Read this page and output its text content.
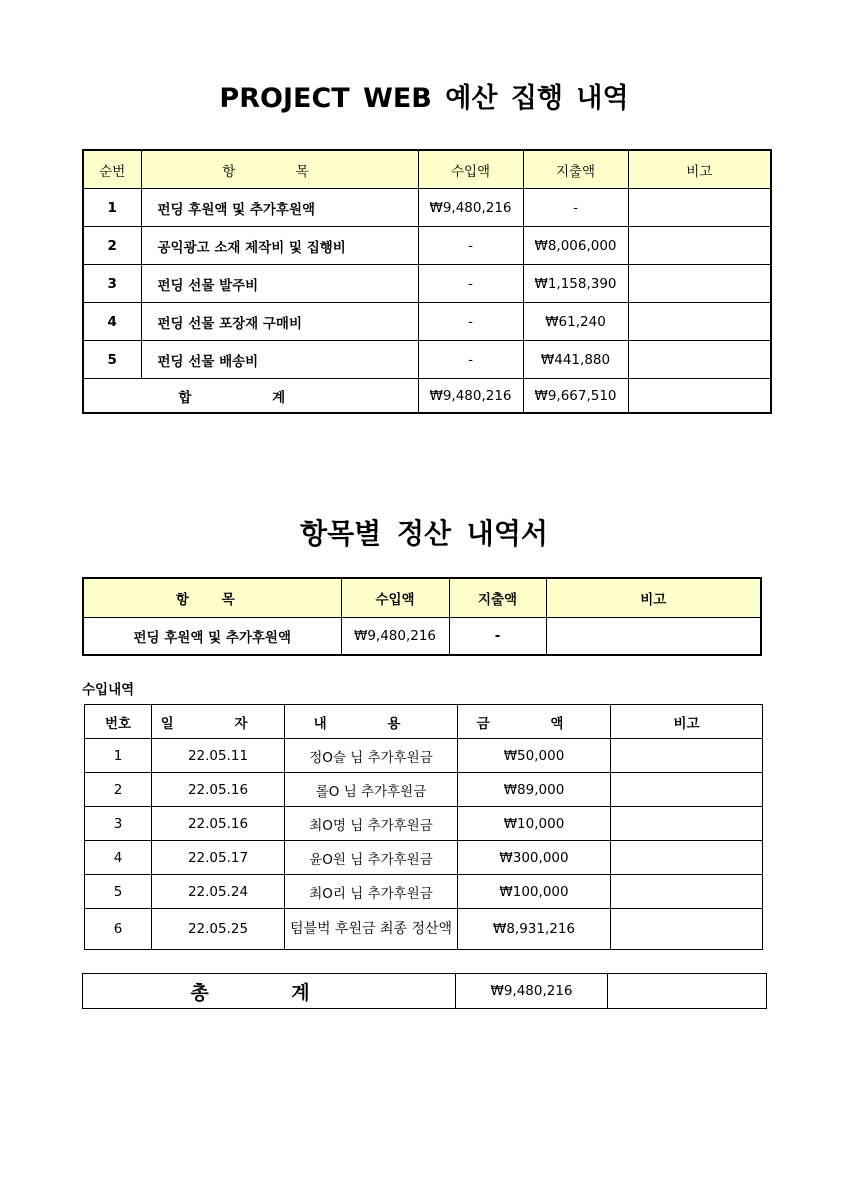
PROJECT WEB 예산 집행 내역
순번	항 목	수입액	지출액	비고
1	펀딩 후원액 및 추가후원액	₩9,480,216	-	
2	공익광고 소재 제작비 및 집행비	-	₩8,006,000	
3	펀딩 선물 발주비	-	₩1,158,390	
4	펀딩 선물 포장재 구매비	-	₩61,240	
5	펀딩 선물 배송비	-	₩441,880	
합 계		₩9,480,216	₩9,667,510	
항목별 정산 내역서
항 목	수입액	지출액	비고
펀딩 후원액 및 추가후원액	₩9,480,216	-	

수입내역

번호	일 자	내 용	금 액	비고
1	22.05.11	정O슬 님 추가후원금	₩50,000	
2	22.05.16	롤O 님 추가후원금	₩89,000	
3	22.05.16	최O명 님 추가후원금	₩10,000	
4	22.05.17	윤O원 님 추가후원금	₩300,000	
5	22.05.24	최O리 님 추가후원금	₩100,000	
6	22.05.25	텀블벅 후원금 최종 정산액	₩8,931,216	
총 계	₩9,480,216	
